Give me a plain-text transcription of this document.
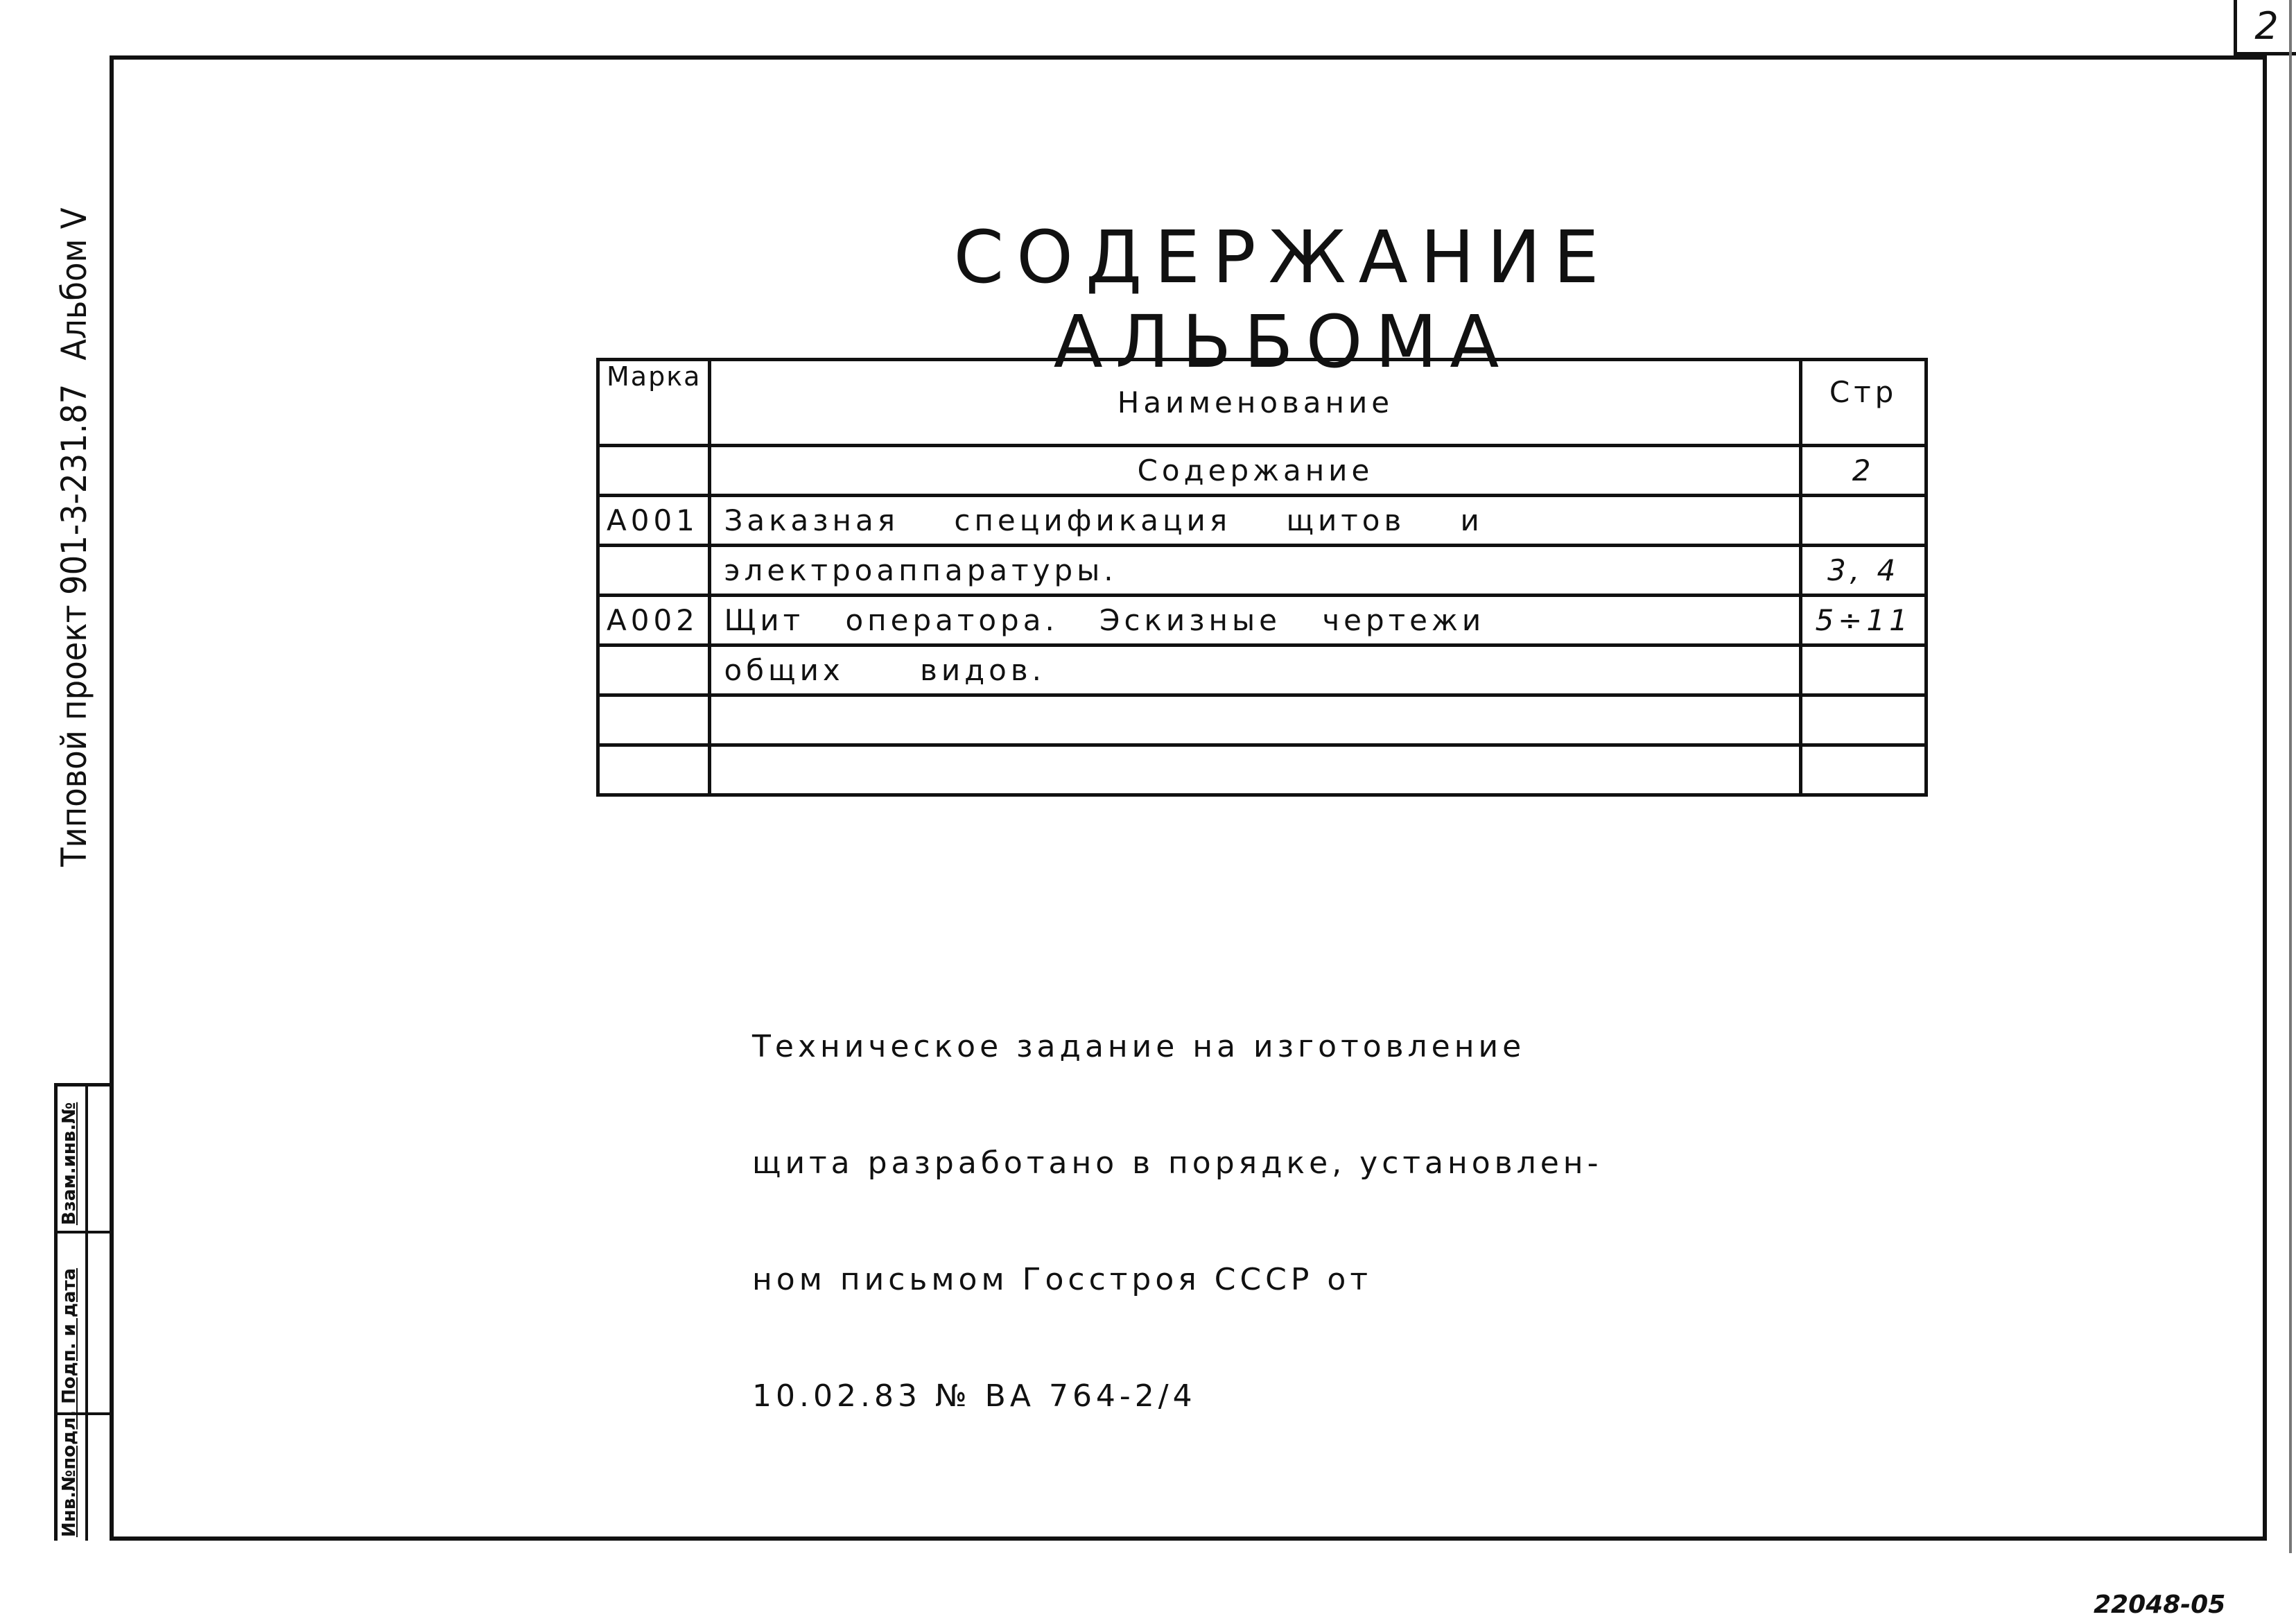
2
Типовой проект 901-3-231.87
Альбом V
Взам.инв.№
Инв.№подл. Подп. и дата
СОДЕРЖАНИЕ АЛЬБОМА
Марка	Наименование	Стр
	Содержание	2
А001	Заказная спецификация щитов и	
	электроаппаратуры.	3, 4
А002	Щит оператора. Эскизные чертежи	5÷11
	общих видов.	

Техническое задание на изготовление

щита разработано в порядке, установлен-

ном письмом Госстроя СССР от

10.02.83 № ВА 764-2/4

22048-05
